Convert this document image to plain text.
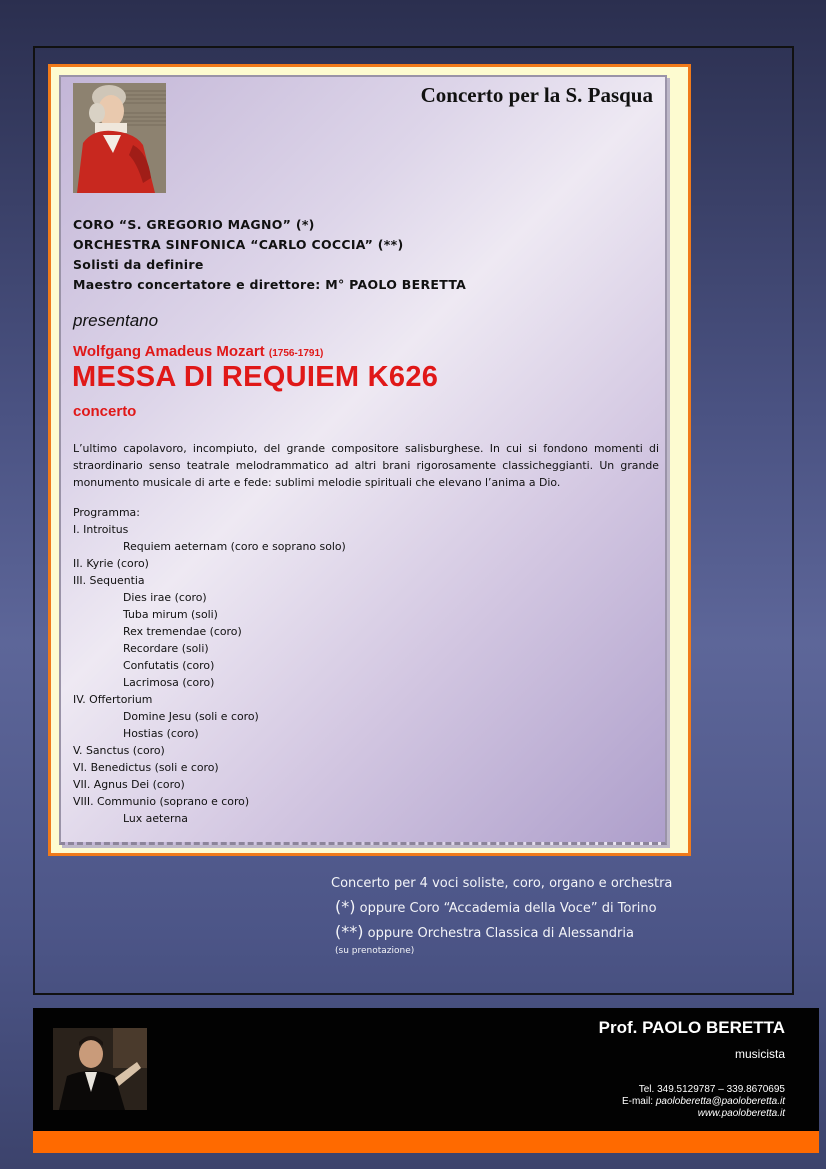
Concerto per la S. Pasqua
CORO “S. GREGORIO MAGNO” (*)
ORCHESTRA SINFONICA “CARLO COCCIA” (**)
Solisti da definire
Maestro concertatore e direttore: M° PAOLO BERETTA
presentano
Wolfgang Amadeus Mozart (1756-1791)
MESSA DI REQUIEM K626
concerto
L’ultimo capolavoro, incompiuto, del grande compositore salisburghese. In cui si fondono momenti di straordinario senso teatrale melodrammatico ad altri brani rigorosamente classicheggianti. Un grande monumento musicale di arte e fede: sublimi melodie spirituali che elevano l’anima a Dio.
Programma:
I. Introitus
Requiem aeternam (coro e soprano solo)
II. Kyrie (coro)
III. Sequentia
Dies irae (coro)
Tuba mirum (soli)
Rex tremendae (coro)
Recordare (soli)
Confutatis (coro)
Lacrimosa (coro)
IV. Offertorium
Domine Jesu (soli e coro)
Hostias (coro)
V. Sanctus (coro)
VI. Benedictus (soli e coro)
VII. Agnus Dei (coro)
VIII. Communio (soprano e coro)
Lux aeterna
Concerto per 4 voci soliste, coro, organo e orchestra
(*) oppure Coro “Accademia della Voce” di Torino
(**) oppure Orchestra Classica di Alessandria
(su prenotazione)
Prof. PAOLO BERETTA
musicista
Tel. 349.5129787 – 339.8670695
E-mail: paoloberetta@paoloberetta.it
www.paoloberetta.it
